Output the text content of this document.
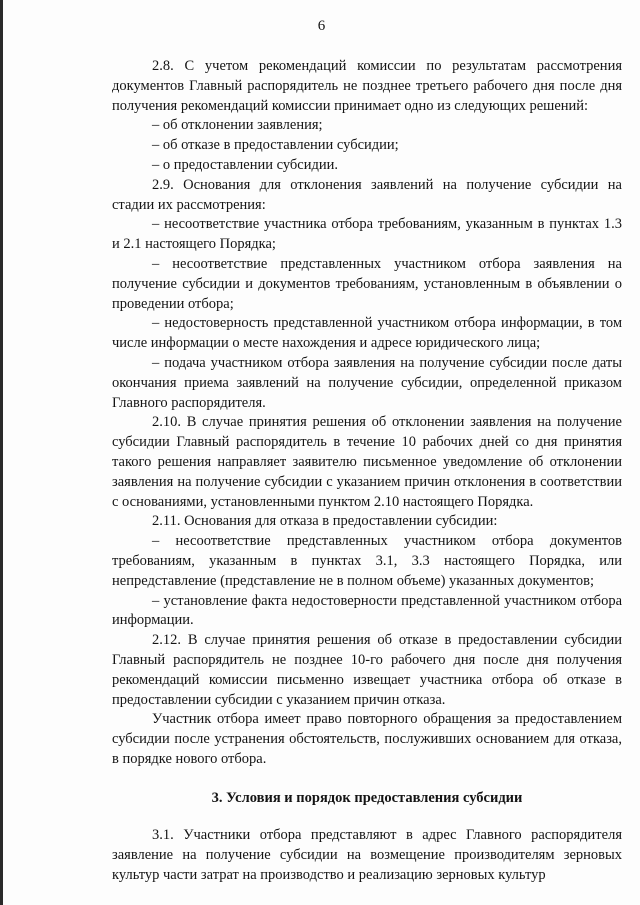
6

2.8. С учетом рекомендаций комиссии по результатам рассмотрения документов Главный распорядитель не позднее третьего рабочего дня после дня получения рекомендаций комиссии принимает одно из следующих решений:

– об отклонении заявления;

– об отказе в предоставлении субсидии;

– о предоставлении субсидии.

2.9. Основания для отклонения заявлений на получение субсидии на стадии их рассмотрения:

– несоответствие участника отбора требованиям, указанным в пунктах 1.3 и 2.1 настоящего Порядка;

– несоответствие представленных участником отбора заявления на получение субсидии и документов требованиям, установленным в объявлении о проведении отбора;

– недостоверность представленной участником отбора информации, в том числе информации о месте нахождения и адресе юридического лица;

– подача участником отбора заявления на получение субсидии после даты окончания приема заявлений на получение субсидии, определенной приказом Главного распорядителя.

2.10. В случае принятия решения об отклонении заявления на получение субсидии Главный распорядитель в течение 10 рабочих дней со дня принятия такого решения направляет заявителю письменное уведомление об отклонении заявления на получение субсидии с указанием причин отклонения в соответствии с основаниями, установленными пунктом 2.10 настоящего Порядка.

2.11. Основания для отказа в предоставлении субсидии:

– несоответствие представленных участником отбора документов требованиям, указанным в пунктах 3.1, 3.3 настоящего Порядка, или непредставление (представление не в полном объеме) указанных документов;

– установление факта недостоверности представленной участником отбора информации.

2.12. В случае принятия решения об отказе в предоставлении субсидии Главный распорядитель не позднее 10-го рабочего дня после дня получения рекомендаций комиссии письменно извещает участника отбора об отказе в предоставлении субсидии с указанием причин отказа.

Участник отбора имеет право повторного обращения за предоставлением субсидии после устранения обстоятельств, послуживших основанием для отказа, в порядке нового отбора.

3. Условия и порядок предоставления субсидии

3.1. Участники отбора представляют в адрес Главного распорядителя заявление на получение субсидии на возмещение производителям зерновых культур части затрат на производство и реализацию зерновых культур
